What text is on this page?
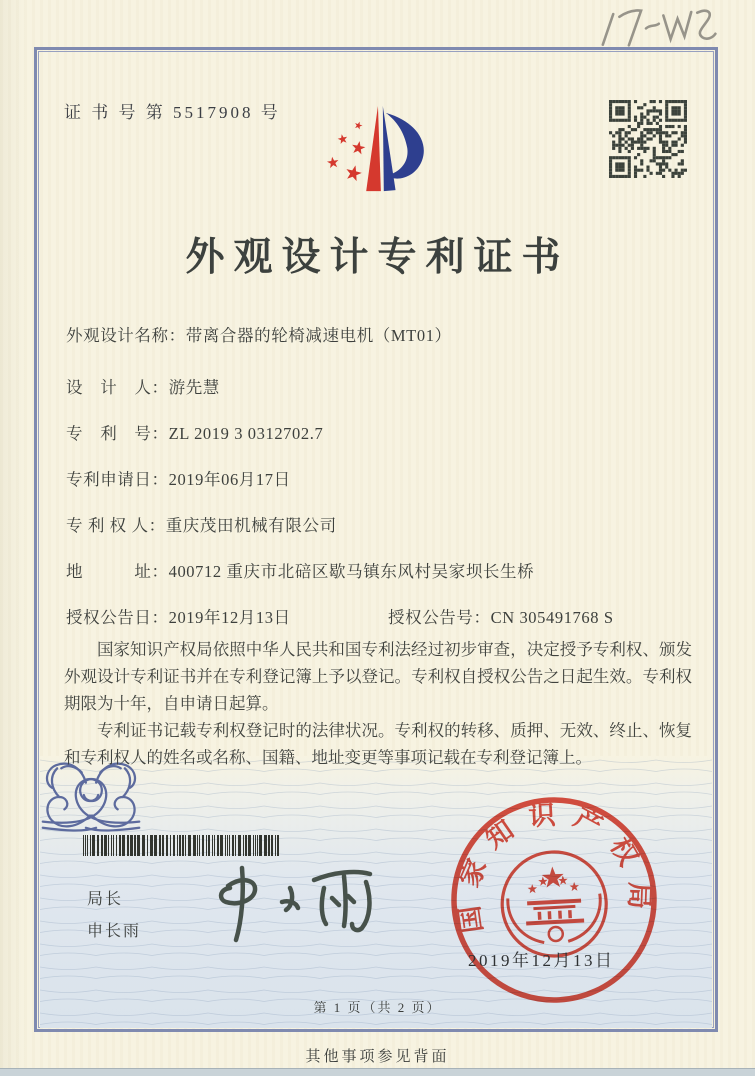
证 书 号 第 5517908 号
外观设计专利证书
外观设计名称：带离合器的轮椅减速电机（MT01）
设　计　人：游先慧
专　利　号：ZL 2019 3 0312702.7
专利申请日：2019年06月17日
专 利 权 人：重庆茂田机械有限公司
地　　　址：400712 重庆市北碚区歇马镇东风村吴家坝长生桥
授权公告日：2019年12月13日	授权公告号：CN 305491768 S

国家知识产权局依照中华人民共和国专利法经过初步审查，决定授予专利权、颁发外观设计专利证书并在专利登记簿上予以登记。专利权自授权公告之日起生效。专利权期限为十年，自申请日起算。

专利证书记载专利权登记时的法律状况。专利权的转移、质押、无效、终止、恢复和专利权人的姓名或名称、国籍、地址变更等事项记载在专利登记簿上。

局长
申长雨	国家知识产权局
2019年12月13日
第 1 页（共 2 页）
其他事项参见背面
